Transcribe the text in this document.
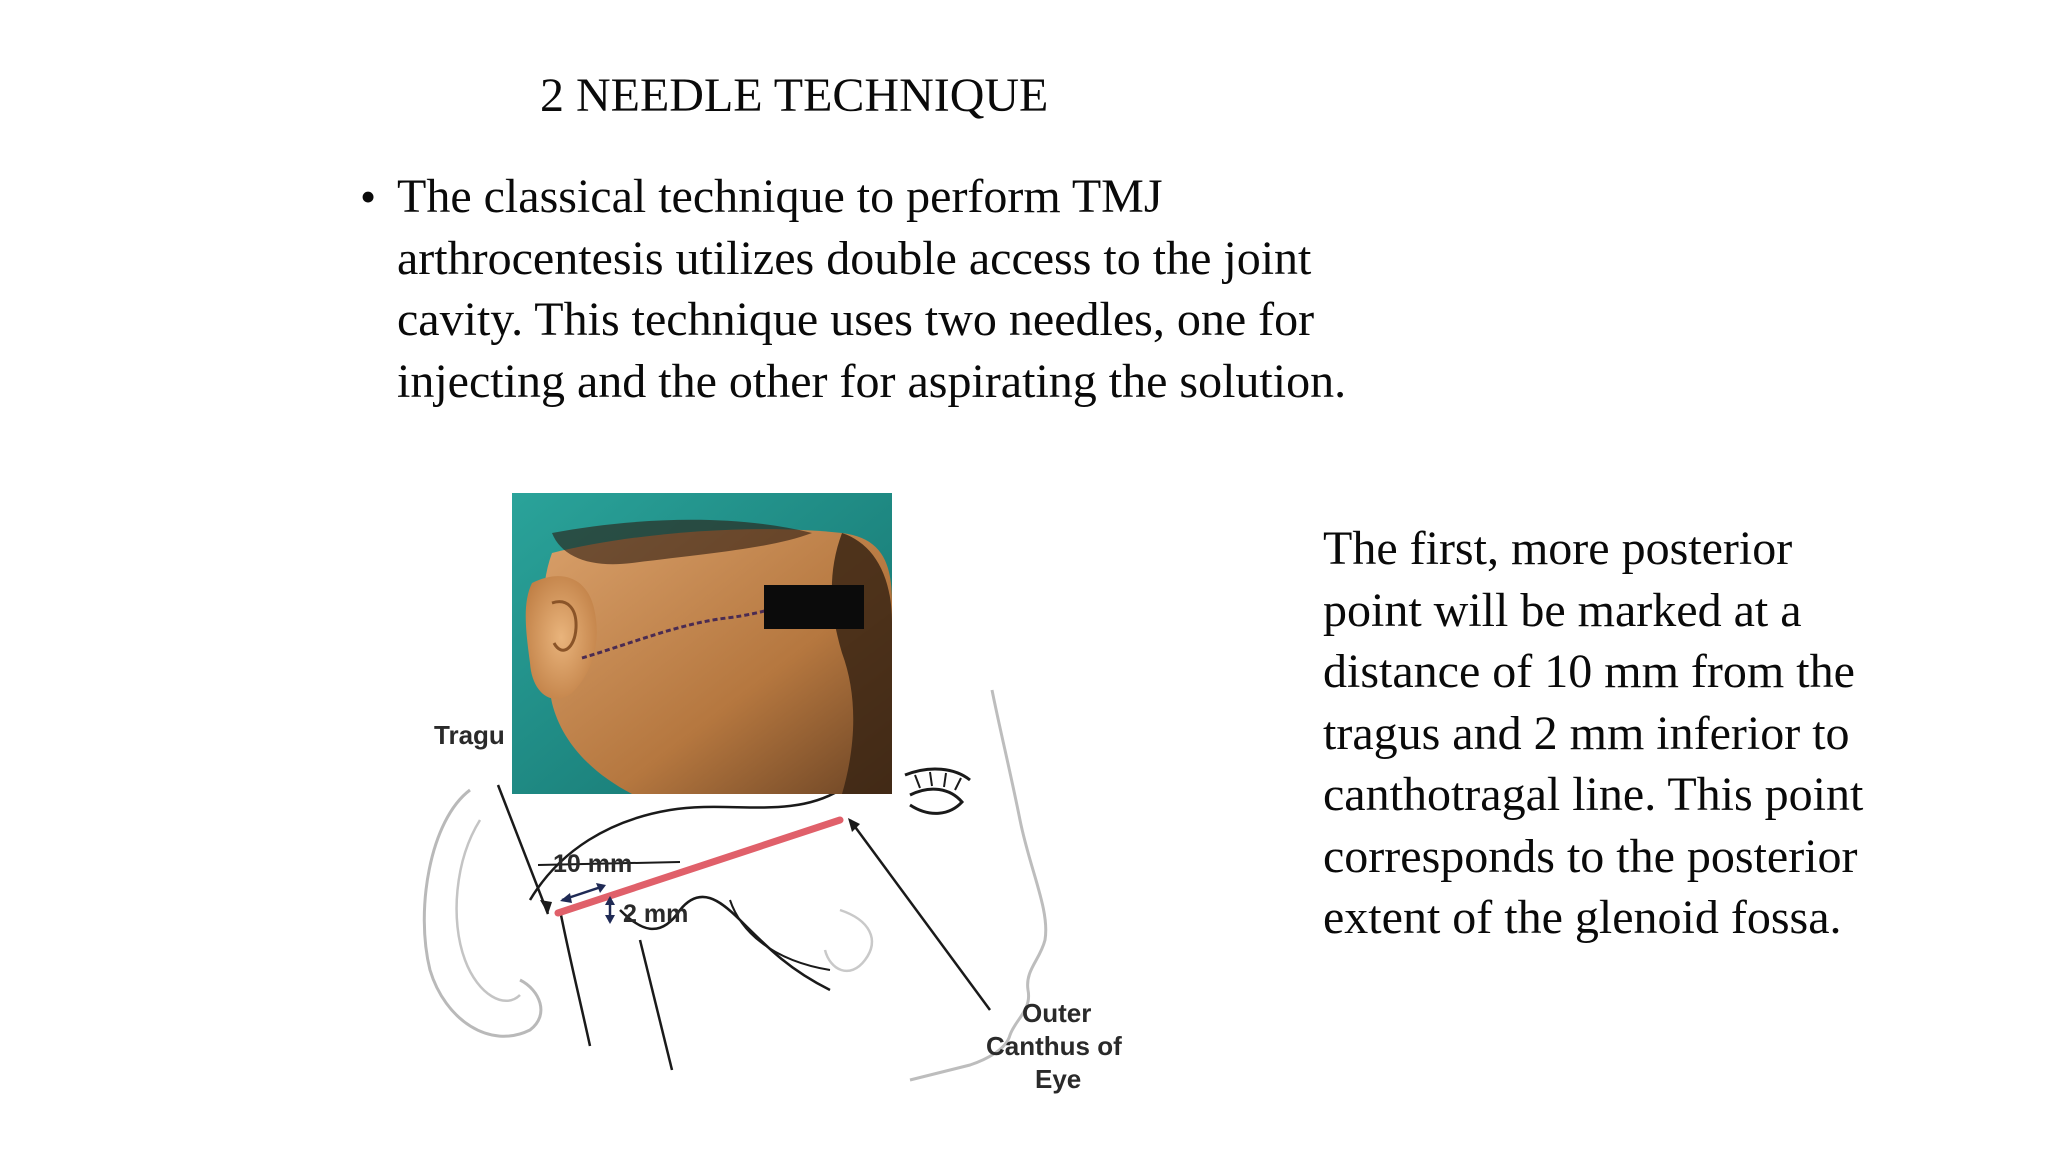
2 NEEDLE TECHNIQUE
• The classical technique to perform TMJ
arthrocentesis utilizes double access to the joint
cavity. This technique uses two needles, one for
injecting and the other for aspirating the solution.
Tragu
10 mm
2 mm
Outer
Canthus of
Eye
The first, more posterior
point will be marked at a
distance of 10 mm from the
tragus and 2 mm inferior to
canthotragal line. This point
corresponds to the posterior
extent of the glenoid fossa.
